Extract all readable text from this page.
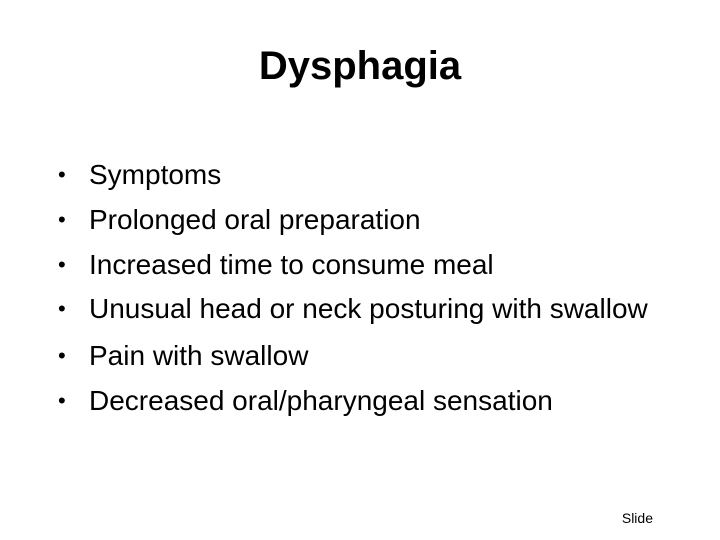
Dysphagia
• Symptoms
• Prolonged oral preparation
• Increased time to consume meal
• Unusual head or neck posturing with swallow
• Pain with swallow
• Decreased oral/pharyngeal sensation
Slide
